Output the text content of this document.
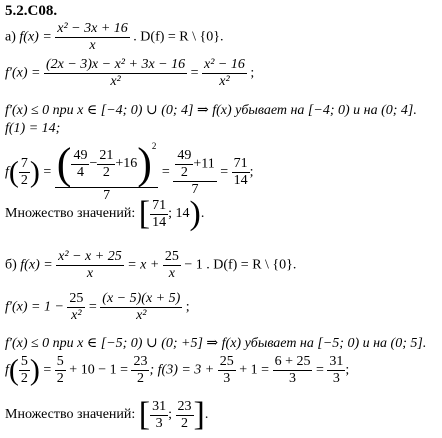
5.2.C08.
а) $f(x) = \frac{\text{x² − 3x + 16}}{x}$ . D(f) = R \ {0}.
$f'(x) = \frac{\text{(2x − 3)x − x² + 3x − 16}}{\text{x²}} = \frac{\text{x² − 16}}{\text{x²}}$ ;
f′(x) ≤ 0 при x ∈ [−4; 0) ∪ (0; 4] ⇒ f(x) убывает на [−4; 0) и на (0; 4].
f(1) = 14;
$f( \frac{7}{2}$ ) = $\frac{( \frac{49}{4} - \frac{21}{2} +16)^2}{7} = \frac{\frac{49}{2} +11}{7} = \frac{71}{14}$ ;
Множество значений: [ $\frac{71}{14}$ ; 14).
б) $f(x) = \frac{\text{x² − x + 25}}{x} = x + \frac{25}{x} - 1$ . D(f) = R \ {0}.
$f'(x) = 1 - \frac{25}{\text{x²}} = \frac{(x - 5)(x + 5)}{\text{x²}}$ ;
f′(x) ≤ 0 при x ∈ [−5; 0) ∪ (0; +5] ⇒ f(x) убывает на [−5; 0) и на (0; 5].
$f( \frac{5}{2}$ ) = $\frac{5}{2} + 10 - 1 = \frac{23}{2}$ ; $f(3) = 3 + \frac{25}{3} + 1 = \frac{6 + 25}{3} = \frac{31}{3}$ ;
Множество значений: [ $\frac{31}{3}$ ; $\frac{23}{2}$ ].
